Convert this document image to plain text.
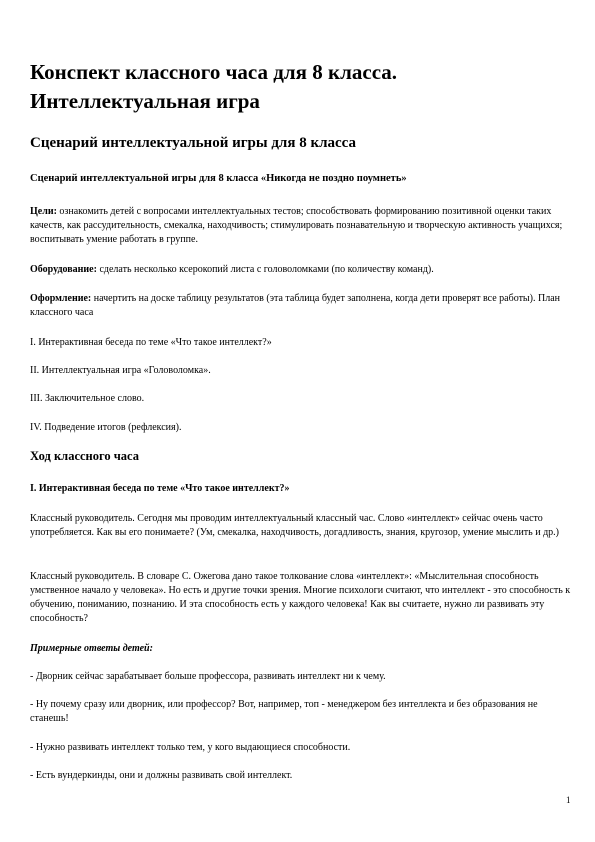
Конспект классного часа для 8 класса.
Интеллектуальная игра
Сценарий интеллектуальной игры для 8 класса
Сценарий интеллектуальной игры для 8 класса «Никогда не поздно поумнеть»

Цели: ознакомить детей с вопросами интеллектуальных тестов; способствовать формированию позитивной оценки таких качеств, как рассудительность, смекалка, находчивость; стимулировать познавательную и творческую активность учащихся; воспитывать умение работать в группе.

Оборудование: сделать несколько ксерокопий листа с головоломками (по количеству команд).

Оформление: начертить на доске таблицу результатов (эта таблица будет заполнена, когда дети проверят все работы). План классного часа

I. Интерактивная беседа по теме «Что такое интеллект?»

II. Интеллектуальная игра «Головоломка».

III. Заключительное слово.

IV. Подведение итогов (рефлексия).

Ход классного часа

I. Интерактивная беседа по теме «Что такое интеллект?»

Классный руководитель. Сегодня мы проводим интеллектуальный классный час. Слово «интеллект» сейчас очень часто употребляется. Как вы его понимаете? (Ум, смекалка, находчивость, догадливость, знания, кругозор, умение мыслить и др.)

Классный руководитель. В словаре С. Ожегова дано такое толкование слова «интеллект»: «Мыслительная способность умственное начало у человека». Но есть и другие точки зрения. Многие психологи считают, что интеллект - это способность к обучению, пониманию, познанию. И эта способность есть у каждого человека! Как вы считаете, нужно ли развивать эту способность?

Примерные ответы детей:

- Дворник сейчас зарабатывает больше профессора, развивать интеллект ни к чему.

- Ну почему сразу или дворник, или профессор? Вот, например, топ - менеджером без интеллекта и без образования не станешь!

- Нужно развивать интеллект только тем, у кого выдающиеся способности.

- Есть вундеркинды, они и должны развивать свой интеллект.

1
